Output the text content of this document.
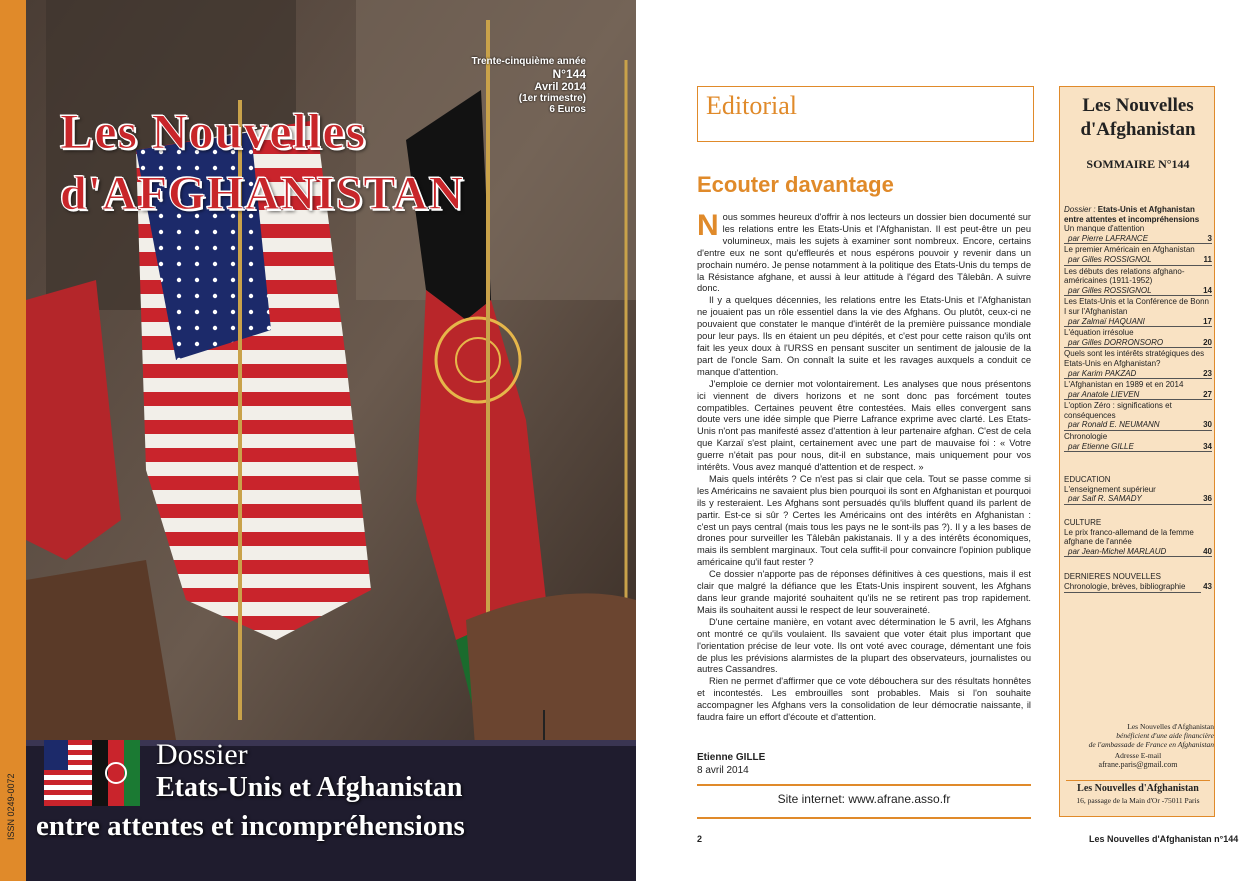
ISSN 0249-0072
Trente-cinquième année
N°144
Avril 2014
(1er trimestre)
6 Euros
Les Nouvelles
d'AFGHANISTAN
Dossier
Etats-Unis et Afghanistan
entre attentes et incompréhensions
Editorial
Ecouter davantage

Nous sommes heureux d'offrir à nos lecteurs un dossier bien documenté sur les relations entre les Etats-Unis et l'Afghanistan. Il est peut-être un peu volumineux, mais les sujets à examiner sont nombreux. Encore, certains d'entre eux ne sont qu'effleurés et nous espérons pouvoir y revenir dans un prochain numéro. Je pense notamment à la politique des Etats-Unis du temps de la Résistance afghane, et aussi à leur attitude à l'égard des Tâlebân. A suivre donc.

Il y a quelques décennies, les relations entre les Etats-Unis et l'Afghanistan ne jouaient pas un rôle essentiel dans la vie des Afghans. Ou plutôt, ceux-ci ne pouvaient que constater le manque d'intérêt de la première puissance mondiale pour leur pays. Ils en étaient un peu dépités, et c'est pour cette raison qu'ils ont fait les yeux doux à l'URSS en pensant susciter un sentiment de jalousie de la part de l'oncle Sam. On connaît la suite et les ravages auxquels a conduit ce manque d'attention.

J'emploie ce dernier mot volontairement. Les analyses que nous présentons ici viennent de divers horizons et ne sont donc pas forcément toutes compatibles. Certaines peuvent être contestées. Mais elles convergent sans doute vers une idée simple que Pierre Lafrance exprime avec clarté. Les Etats-Unis n'ont pas manifesté assez d'attention à leur partenaire afghan. C'est de cela que Karzaï s'est plaint, certainement avec une part de mauvaise foi : « Votre guerre n'était pas pour nous, dit-il en substance, mais uniquement pour vos intérêts. Vous avez manqué d'attention et de respect. »

Mais quels intérêts ? Ce n'est pas si clair que cela. Tout se passe comme si les Américains ne savaient plus bien pourquoi ils sont en Afghanistan et pourquoi ils y resteraient. Les Afghans sont persuadés qu'ils bluffent quand ils parlent de partir. Est-ce si sûr ? Certes les Américains ont des intérêts en Afghanistan : c'est un pays central (mais tous les pays ne le sont-ils pas ?). Il y a les bases de drones pour surveiller les Tâlebân pakistanais. Il y a des intérêts économiques, mais ils semblent marginaux. Tout cela suffit-il pour convaincre l'opinion publique américaine qu'il faut rester ?

Ce dossier n'apporte pas de réponses définitives à ces questions, mais il est clair que malgré la défiance que les Etats-Unis inspirent souvent, les Afghans dans leur grande majorité souhaitent qu'ils ne se retirent pas trop rapidement. Mais ils souhaitent aussi le respect de leur souveraineté.

D'une certaine manière, en votant avec détermination le 5 avril, les Afghans ont montré ce qu'ils voulaient. Ils savaient que voter était plus important que l'orientation précise de leur vote. Ils ont voté avec courage, démentant une fois de plus les prévisions alarmistes de la plupart des observateurs, journalistes ou autres Cassandres.

Rien ne permet d'affirmer que ce vote débouchera sur des résultats honnêtes et incontestés. Les embrouilles sont probables. Mais si l'on souhaite accompagner les Afghans vers la consolidation de leur démocratie naissante, il faudra faire un effort d'écoute et d'attention.

Etienne GILLE
8 avril 2014
Site internet: www.afrane.asso.fr
2	Les Nouvelles d'Afghanistan n°144
Les Nouvelles
d'Afghanistan
SOMMAIRE N°144
Dossier : Etats-Unis et Afghanistan entre attentes et incompréhensions
Un manque d'attention
par Pierre LAFRANCE	3
Le premier Américain en Afghanistan
par Gilles ROSSIGNOL	11
Les débuts des relations afghano-américaines (1911-1952)
par Gilles ROSSIGNOL	14
Les Etats-Unis et la Conférence de Bonn I sur l'Afghanistan
par Zalmaï HAQUANI	17
L'équation irrésolue
par Gilles DORRONSORO	20
Quels sont les intérêts stratégiques des Etats-Unis en Afghanistan?
par Karim PAKZAD	23
L'Afghanistan en 1989 et en 2014
par Anatole LIEVEN	27
L'option Zéro : significations et conséquences
par Ronald E. NEUMANN	30
Chronologie
par Etienne GILLE	34
EDUCATION
L'enseignement supérieur
par Saif R. SAMADY	36
CULTURE
Le prix franco-allemand de la femme afghane de l'année
par Jean-Michel MARLAUD	40
DERNIERES NOUVELLES
Chronologie, brèves, bibliographie	43
Les Nouvelles d'Afghanistan
bénéficient d'une aide financière
de l'ambassade de France en Afghanistan
Adresse E-mail
afrane.paris@gmail.com
Les Nouvelles d'Afghanistan
16, passage de la Main d'Or -75011 Paris
